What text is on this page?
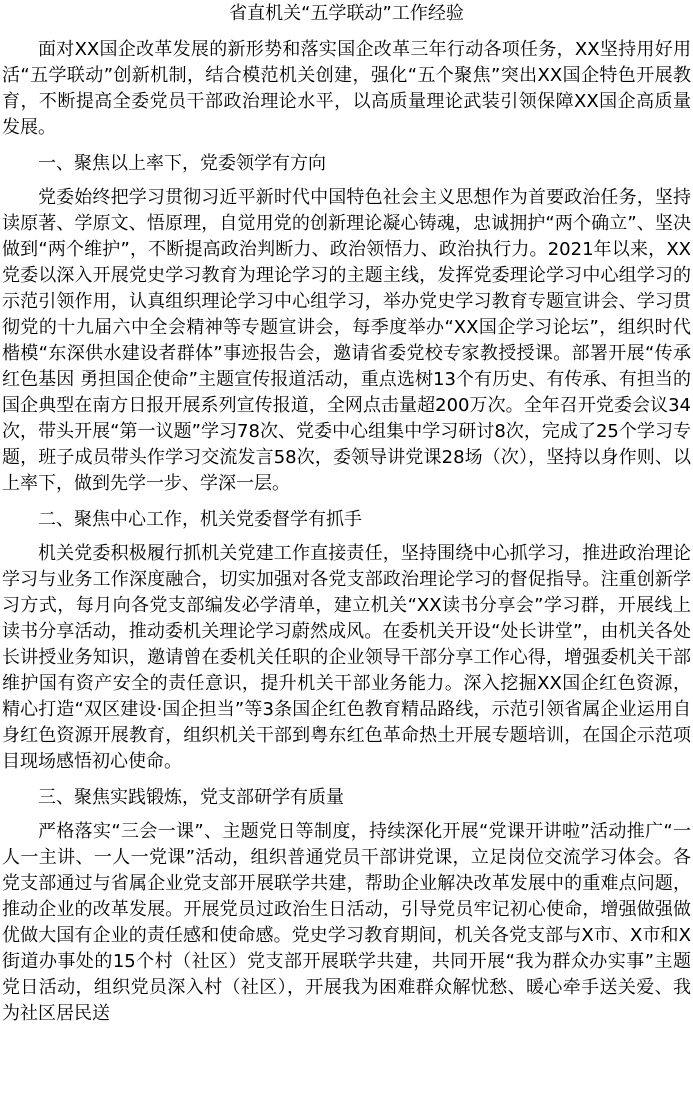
省直机关“五学联动”工作经验

面对XX国企改革发展的新形势和落实国企改革三年行动各项任务，XX坚持用好用活“五学联动”创新机制，结合模范机关创建，强化“五个聚焦”突出XX国企特色开展教育，不断提高全委党员干部政治理论水平，以高质量理论武装引领保障XX国企高质量发展。

一、聚焦以上率下，党委领学有方向

党委始终把学习贯彻习近平新时代中国特色社会主义思想作为首要政治任务，坚持读原著、学原文、悟原理，自觉用党的创新理论凝心铸魂，忠诚拥护“两个确立”、坚决做到“两个维护”，不断提高政治判断力、政治领悟力、政治执行力。2021年以来，XX党委以深入开展党史学习教育为理论学习的主题主线，发挥党委理论学习中心组学习的示范引领作用，认真组织理论学习中心组学习，举办党史学习教育专题宣讲会、学习贯彻党的十九届六中全会精神等专题宣讲会，每季度举办“XX国企学习论坛”，组织时代楷模“东深供水建设者群体”事迹报告会，邀请省委党校专家教授授课。部署开展“传承红色基因 勇担国企使命”主题宣传报道活动，重点选树13个有历史、有传承、有担当的国企典型在南方日报开展系列宣传报道，全网点击量超200万次。全年召开党委会议34次，带头开展“第一议题”学习78次、党委中心组集中学习研讨8次，完成了25个学习专题，班子成员带头作学习交流发言58次，委领导讲党课28场（次），坚持以身作则、以上率下，做到先学一步、学深一层。

二、聚焦中心工作，机关党委督学有抓手

机关党委积极履行抓机关党建工作直接责任，坚持围绕中心抓学习，推进政治理论学习与业务工作深度融合，切实加强对各党支部政治理论学习的督促指导。注重创新学习方式，每月向各党支部编发必学清单，建立机关“XX读书分享会”学习群，开展线上读书分享活动，推动委机关理论学习蔚然成风。在委机关开设“处长讲堂”，由机关各处长讲授业务知识，邀请曾在委机关任职的企业领导干部分享工作心得，增强委机关干部维护国有资产安全的责任意识，提升机关干部业务能力。深入挖掘XX国企红色资源，精心打造“双区建设·国企担当”等3条国企红色教育精品路线，示范引领省属企业运用自身红色资源开展教育，组织机关干部到粤东红色革命热土开展专题培训，在国企示范项目现场感悟初心使命。

三、聚焦实践锻炼，党支部研学有质量

严格落实“三会一课”、主题党日等制度，持续深化开展“党课开讲啦”活动推广“一人一主讲、一人一党课”活动，组织普通党员干部讲党课，立足岗位交流学习体会。各党支部通过与省属企业党支部开展联学共建，帮助企业解决改革发展中的重难点问题，推动企业的改革发展。开展党员过政治生日活动，引导党员牢记初心使命，增强做强做优做大国有企业的责任感和使命感。党史学习教育期间，机关各党支部与X市、X市和X街道办事处的15个村（社区）党支部开展联学共建，共同开展“我为群众办实事”主题党日活动，组织党员深入村（社区），开展我为困难群众解忧愁、暖心牵手送关爱、我为社区居民送
